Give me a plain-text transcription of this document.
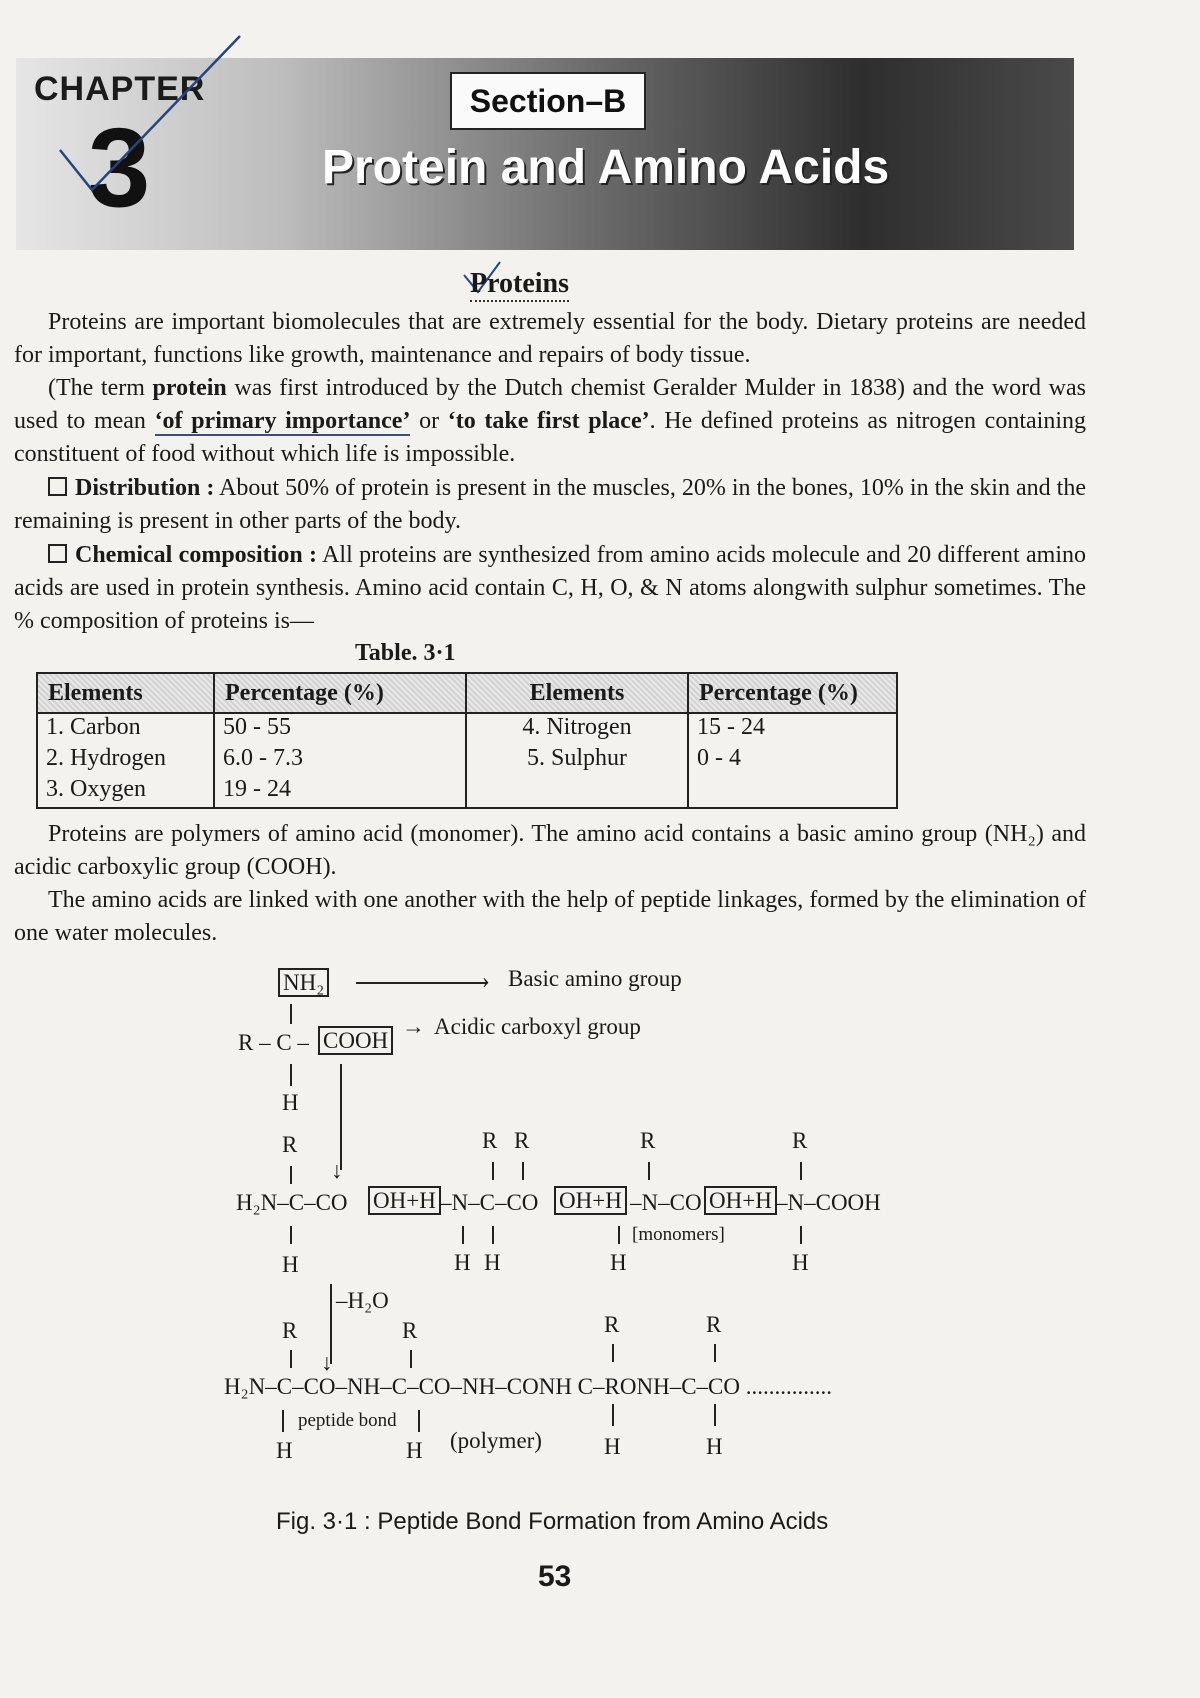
CHAPTER
3
Section–B
Protein and Amino Acids
Proteins
Proteins are important biomolecules that are extremely essential for the body. Dietary proteins are needed for important, functions like growth, maintenance and repairs of body tissue.
(The term protein was first introduced by the Dutch chemist Geralder Mulder in 1838) and the word was used to mean ‘of primary importance’ or ‘to take first place’. He defined proteins as nitrogen containing constituent of food without which life is impossible.
Distribution : About 50% of protein is present in the muscles, 20% in the bones, 10% in the skin and the remaining is present in other parts of the body.
Chemical composition : All proteins are synthesized from amino acids molecule and 20 different amino acids are used in protein synthesis. Amino acid contain C, H, O, & N atoms alongwith sulphur sometimes. The % composition of proteins is—
Table. 3·1
Elements	Percentage (%)	Elements	Percentage (%)
1. Carbon	50 - 55	4. Nitrogen	15 - 24
2. Hydrogen	6.0 - 7.3	5. Sulphur	0 - 4
3. Oxygen	19 - 24		
Proteins are polymers of amino acid (monomer). The amino acid contains a basic amino group (NH₂) and acidic carboxylic group (COOH).
The amino acids are linked with one another with the help of peptide linkages, formed by the elimination of one water molecules.
NH₂	› Basic amino group
R – C – COOH
→ Acidic carboxyl group
H
↓
R	R R	R	R
H₂N–C–CO OH+H –N–C–CO OH+H –N–CO OH+H –N–COOH
[monomers]
H	H H	H	H
↓
–H₂O
R	R	R	R
H₂N–C–CO–NH–C–CO–NH–CONH C–RONH–C–CO ...............
peptide bond
H	H (polymer)	H	H
Fig. 3·1 : Peptide Bond Formation from Amino Acids
53
